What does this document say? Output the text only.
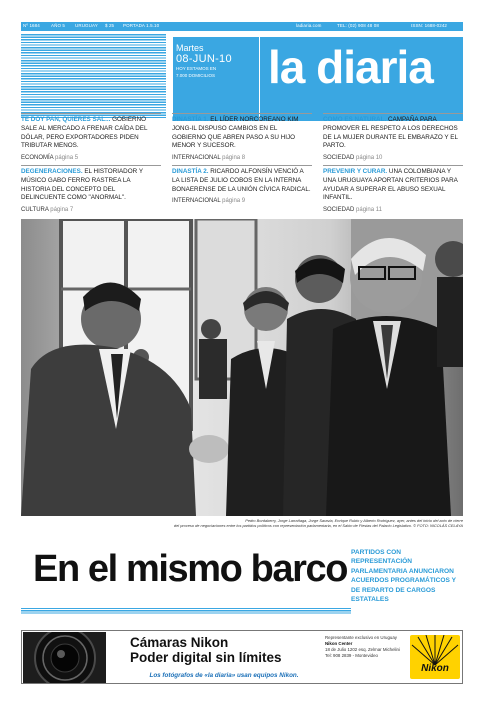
Nº 1684 AÑO 5 URUGUAY $ 25 PORTADA 1.5.10	ladiaria.com	TEL: (02) 908 48 08	ISSN: 1688-0242
Martes
08-JUN-10
HOY ESTAMOS EN
7.000 DOMICILIOS	la diaria
TE DOY PAN, QUIERES SAL... GOBIERNO SALE AL MERCADO A FRENAR CAÍDA DEL DÓLAR, PERO EXPORTADORES PIDEN TRIBUTAR MENOS.
ECONOMÍA página 5
DINASTÍA 1. EL LÍDER NORCOREANO KIM JONG-IL DISPUSO CAMBIOS EN EL GOBIERNO QUE ABREN PASO A SU HIJO MENOR Y SUCESOR.
INTERNACIONAL página 8
COMO ES NATURAL. CAMPAÑA PARA PROMOVER EL RESPETO A LOS DERECHOS DE LA MUJER DURANTE EL EMBARAZO Y EL PARTO.
SOCIEDAD página 10
DEGENERACIONES. EL HISTORIADOR Y MÚSICO GABO FERRO RASTREA LA HISTORIA DEL CONCEPTO DEL DELINCUENTE COMO "ANORMAL".
CULTURA página 7
DINASTÍA 2. RICARDO ALFONSÍN VENCIÓ A LA LISTA DE JULIO COBOS EN LA INTERNA BONAERENSE DE LA UNIÓN CÍVICA RADICAL.
INTERNACIONAL página 9
PREVENIR Y CURAR. UNA COLOMBIANA Y UNA URUGUAYA APORTAN CRITERIOS PARA AYUDAR A SUPERAR EL ABUSO SEXUAL INFANTIL.
SOCIEDAD página 11
Pedro Bordaberry, Jorge Larrañaga, Jorge Saravia, Enrique Rubio y Alberto Rodríguez, ayer, antes del inicio del acto de cierre
del proceso de negociaciones entre los partidos políticos con representación parlamentaria, en el Salón de Fiestas del Palacio Legislativo. © FOTO: NICOLÁS CELAYA
En el mismo barco PARTIDOS CON REPRESENTACIÓN PARLAMENTARIA ANUNCIARON ACUERDOS PROGRAMÁTICOS Y DE REPARTO DE CARGOS ESTATALES
Cámaras Nikon
Poder digital sin límites
Los fotógrafos de «la diaria» usan equipos Nikon.
Representante exclusivo en Uruguay
Nikon Center
18 de Julio 1202 esq. Zelmar Michelini
Tel: 908 2839 - Montevideo
Nikon
